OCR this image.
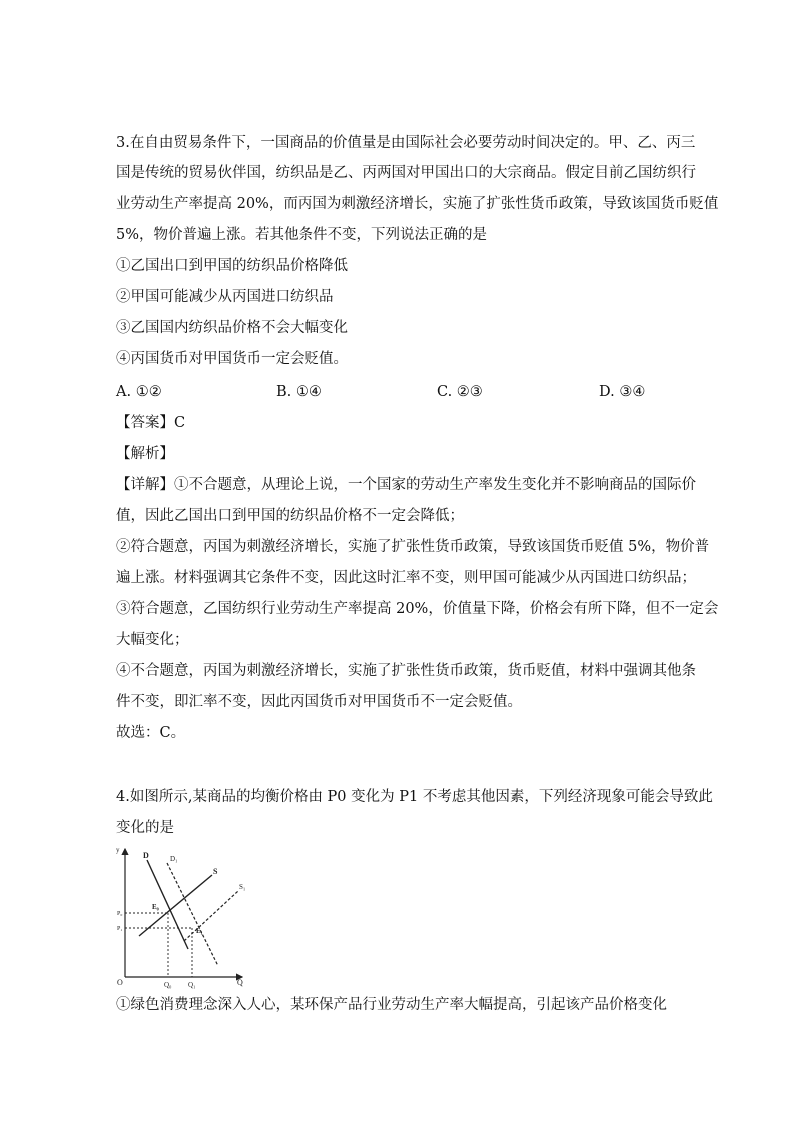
3.在自由贸易条件下，一国商品的价值量是由国际社会必要劳动时间决定的。甲、乙、丙三
国是传统的贸易伙伴国，纺织品是乙、丙两国对甲国出口的大宗商品。假定目前乙国纺织行
业劳动生产率提高 20%，而丙国为刺激经济增长，实施了扩张性货币政策，导致该国货币贬值
5%，物价普遍上涨。若其他条件不变，下列说法正确的是
①乙国出口到甲国的纺织品价格降低
②甲国可能减少从丙国进口纺织品
③乙国国内纺织品价格不会大幅变化
④丙国货币对甲国货币一定会贬值。
A. ①②	B. ①④	C. ②③	D. ③④
【答案】C
【解析】
【详解】①不合题意，从理论上说，一个国家的劳动生产率发生变化并不影响商品的国际价
值，因此乙国出口到甲国的纺织品价格不一定会降低；
②符合题意，丙国为刺激经济增长，实施了扩张性货币政策，导致该国货币贬值 5%，物价普
遍上涨。材料强调其它条件不变，因此这时汇率不变，则甲国可能减少从丙国进口纺织品；
③符合题意，乙国纺织行业劳动生产率提高 20%，价值量下降，价格会有所下降，但不一定会
大幅变化；
④不合题意，丙国为刺激经济增长，实施了扩张性货币政策，货币贬值，材料中强调其他条
件不变，即汇率不变，因此丙国货币对甲国货币不一定会贬值。
故选：C。
4.如图所示,某商品的均衡价格由 P0 变化为 P1 不考虑其他因素，下列经济现象可能会导致此
变化的是
y
Q
O
D	D₁
S
S₁
E₀
E₁
P₀
P₁
Q₀ Q₁
①绿色消费理念深入人心，某环保产品行业劳动生产率大幅提高，引起该产品价格变化
